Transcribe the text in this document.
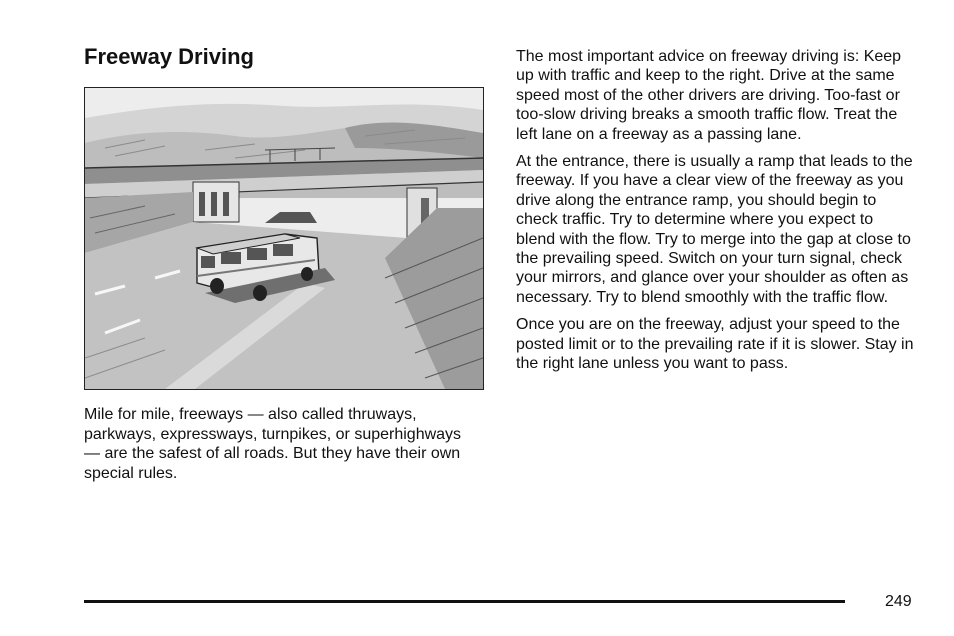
Freeway Driving

Mile for mile, freeways — also called thruways, parkways, expressways, turnpikes, or superhighways — are the safest of all roads. But they have their own special rules.

The most important advice on freeway driving is: Keep up with traffic and keep to the right. Drive at the same speed most of the other drivers are driving. Too-fast or too-slow driving breaks a smooth traffic flow. Treat the left lane on a freeway as a passing lane.

At the entrance, there is usually a ramp that leads to the freeway. If you have a clear view of the freeway as you drive along the entrance ramp, you should begin to check traffic. Try to determine where you expect to blend with the flow. Try to merge into the gap at close to the prevailing speed. Switch on your turn signal, check your mirrors, and glance over your shoulder as often as necessary. Try to blend smoothly with the traffic flow.

Once you are on the freeway, adjust your speed to the posted limit or to the prevailing rate if it is slower. Stay in the right lane unless you want to pass.

249
